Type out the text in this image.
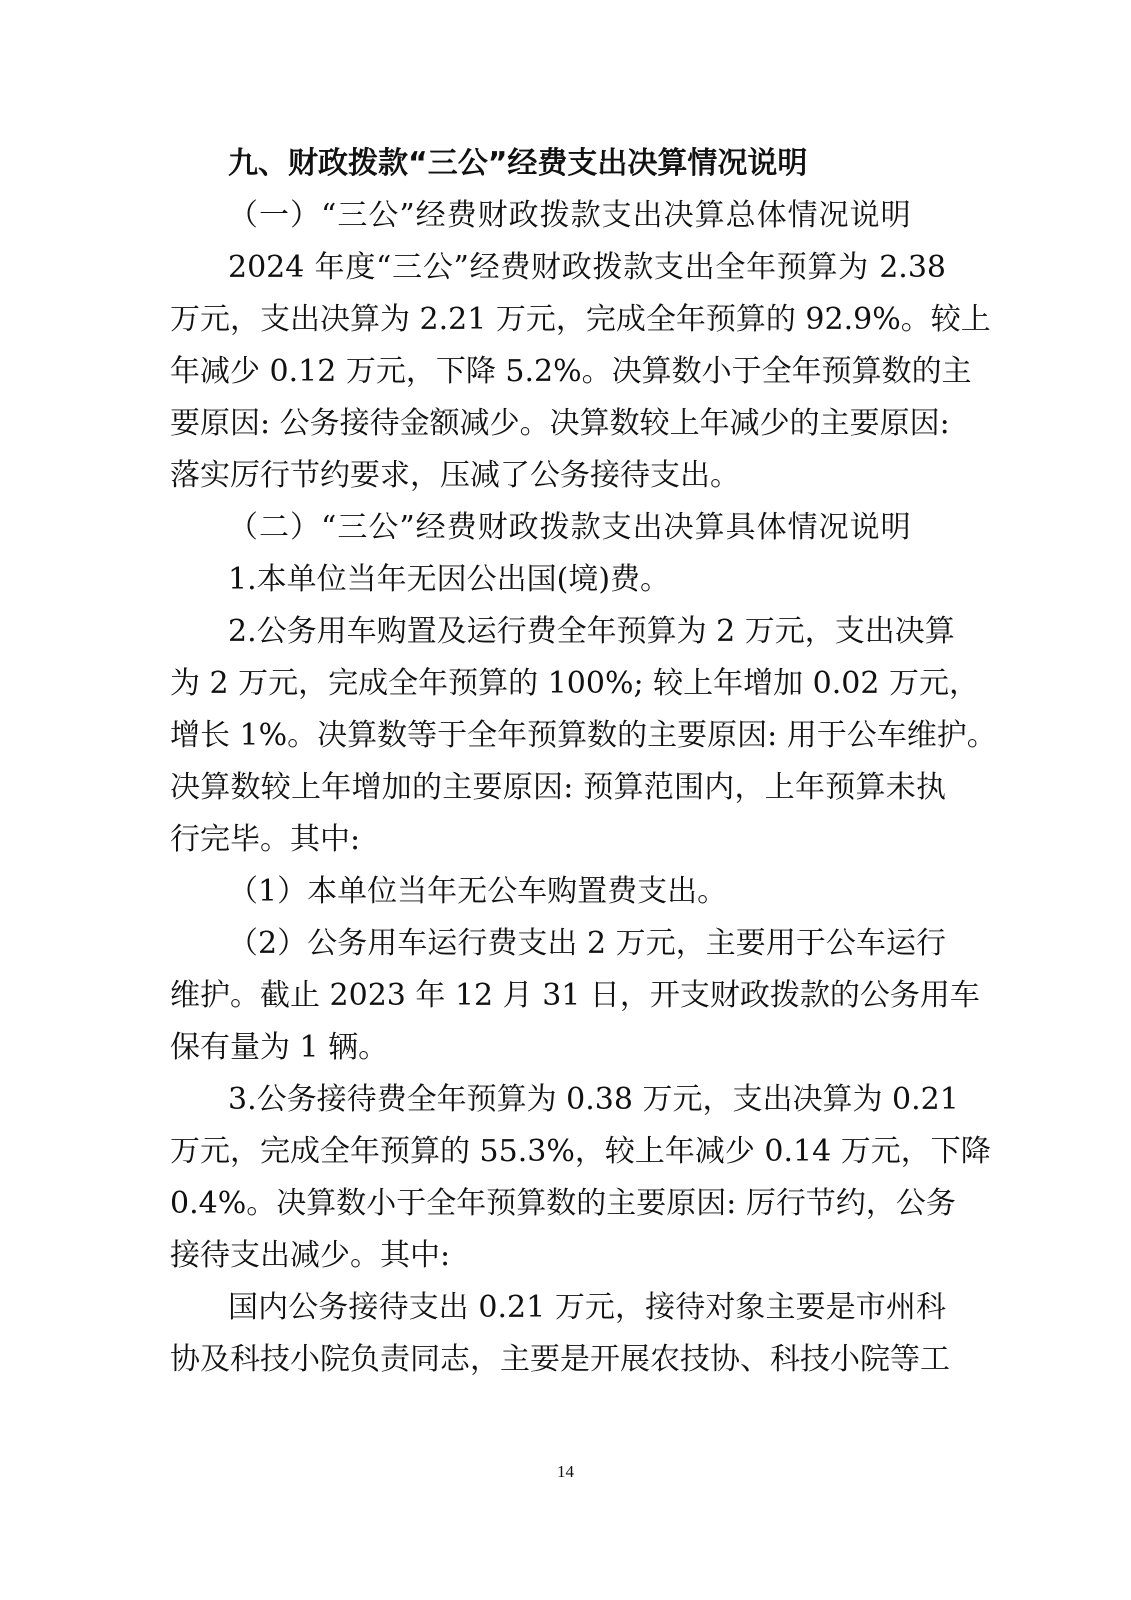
九、财政拨款“三公”经费支出决算情况说明
（一）“三公”经费财政拨款支出决算总体情况说明
2024 年度“三公”经费财政拨款支出全年预算为 2.38
万元，支出决算为 2.21 万元，完成全年预算的 92.9%。较上
年减少 0.12 万元，下降 5.2%。决算数小于全年预算数的主
要原因: 公务接待金额减少。决算数较上年减少的主要原因:
落实厉行节约要求，压减了公务接待支出。
（二）“三公”经费财政拨款支出决算具体情况说明
1.本单位当年无因公出国(境)费。
2.公务用车购置及运行费全年预算为 2 万元，支出决算
为 2 万元，完成全年预算的 100%; 较上年增加 0.02 万元，
增长 1%。决算数等于全年预算数的主要原因: 用于公车维护。
决算数较上年增加的主要原因: 预算范围内，上年预算未执
行完毕。其中:
（1）本单位当年无公车购置费支出。
（2）公务用车运行费支出 2 万元，主要用于公车运行
维护。截止 2023 年 12 月 31 日，开支财政拨款的公务用车
保有量为 1 辆。
3.公务接待费全年预算为 0.38 万元，支出决算为 0.21
万元，完成全年预算的 55.3%，较上年减少 0.14 万元，下降
0.4%。决算数小于全年预算数的主要原因: 厉行节约，公务
接待支出减少。其中:
国内公务接待支出 0.21 万元，接待对象主要是市州科
协及科技小院负责同志，主要是开展农技协、科技小院等工
14
